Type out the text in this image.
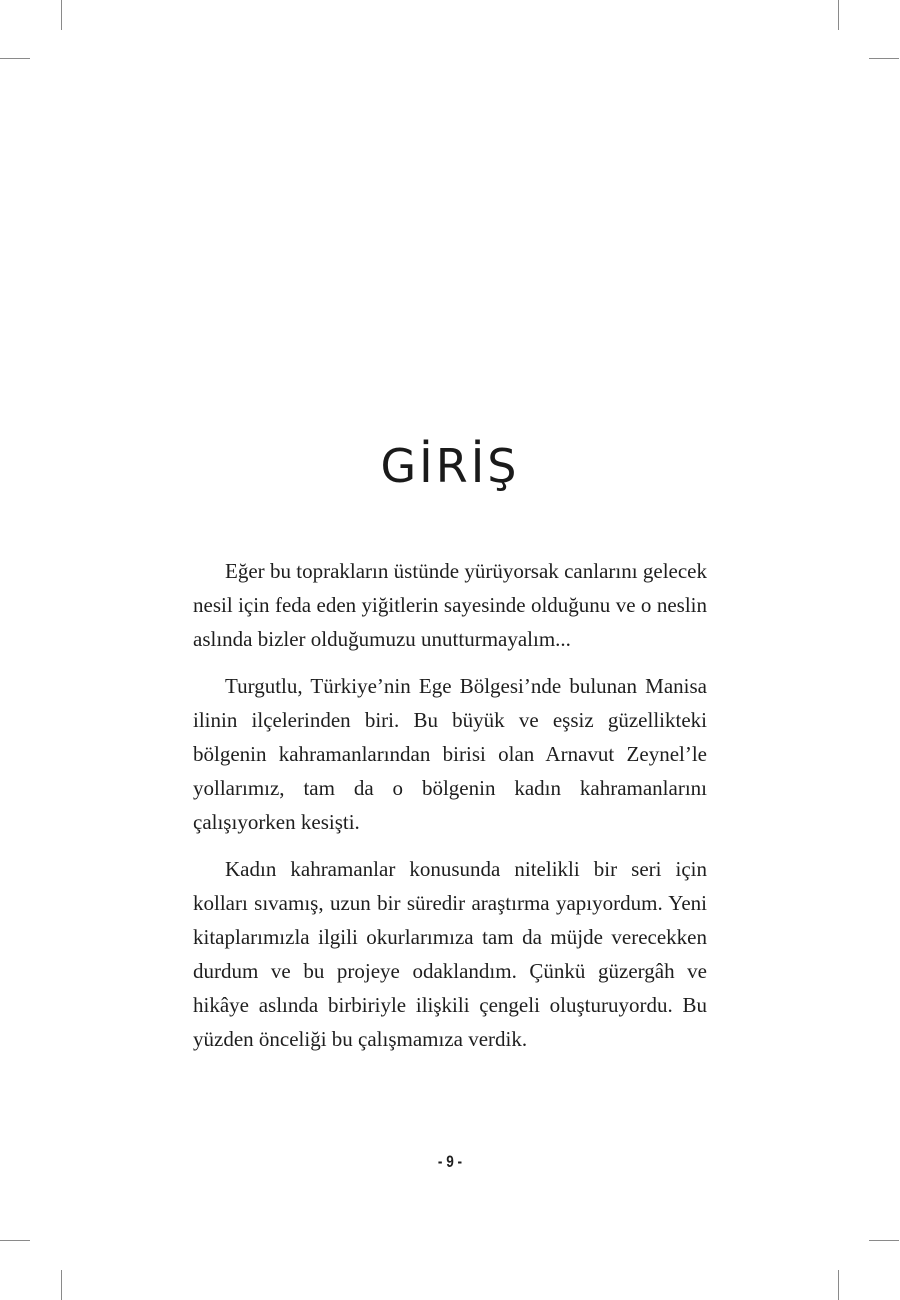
GİRİŞ

Eğer bu toprakların üstünde yürüyorsak canlarını gelecek nesil için feda eden yiğitlerin sayesinde olduğunu ve o neslin aslında bizler olduğumuzu unutturmayalım...

Turgutlu, Türkiye’nin Ege Bölgesi’nde bulunan Manisa ilinin ilçelerinden biri. Bu büyük ve eşsiz güzellikteki bölgenin kahramanlarından birisi olan Arnavut Zeynel’le yollarımız, tam da o bölgenin kadın kahramanlarını çalışıyorken kesişti.

Kadın kahramanlar konusunda nitelikli bir seri için kolları sıvamış, uzun bir süredir araştırma yapıyordum. Yeni kitaplarımızla ilgili okurlarımıza tam da müjde verecekken durdum ve bu projeye odaklandım. Çünkü güzergâh ve hikâye aslında birbiriyle ilişkili çengeli oluşturuyordu. Bu yüzden önceliği bu çalışmamıza verdik.

- 9 -
